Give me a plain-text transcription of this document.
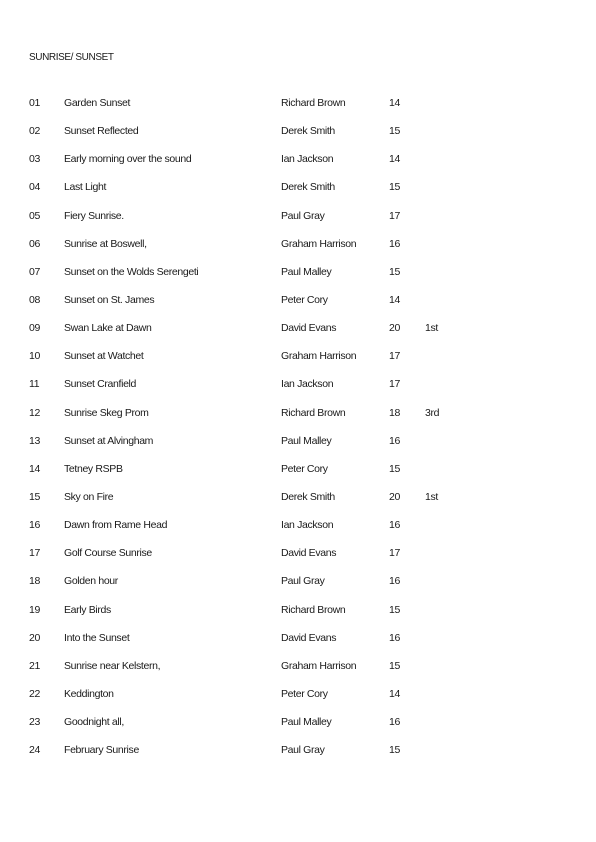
SUNRISE/ SUNSET
01 Garden Sunset	Richard Brown	14
02 Sunset Reflected	Derek Smith	15
03 Early morning over the sound	Ian Jackson	14
04 Last Light	Derek Smith	15
05 Fiery Sunrise.	Paul Gray	17
06 Sunrise at Boswell,	Graham Harrison	16
07 Sunset on the Wolds Serengeti	Paul Malley	15
08 Sunset on St. James	Peter Cory	14
09 Swan Lake at Dawn	David Evans	20 1st
10 Sunset at Watchet	Graham Harrison	17
11 Sunset Cranfield	Ian Jackson	17
12 Sunrise Skeg Prom	Richard Brown	18 3rd
13 Sunset at Alvingham	Paul Malley	16
14 Tetney RSPB	Peter Cory	15
15 Sky on Fire	Derek Smith	20 1st
16 Dawn from Rame Head	Ian Jackson	16
17 Golf Course Sunrise	David Evans	17
18 Golden hour	Paul Gray	16
19 Early Birds	Richard Brown	15
20 Into the Sunset	David Evans	16
21 Sunrise near Kelstern,	Graham Harrison	15
22 Keddington	Peter Cory	14
23 Goodnight all,	Paul Malley	16
24 February Sunrise	Paul Gray	15
